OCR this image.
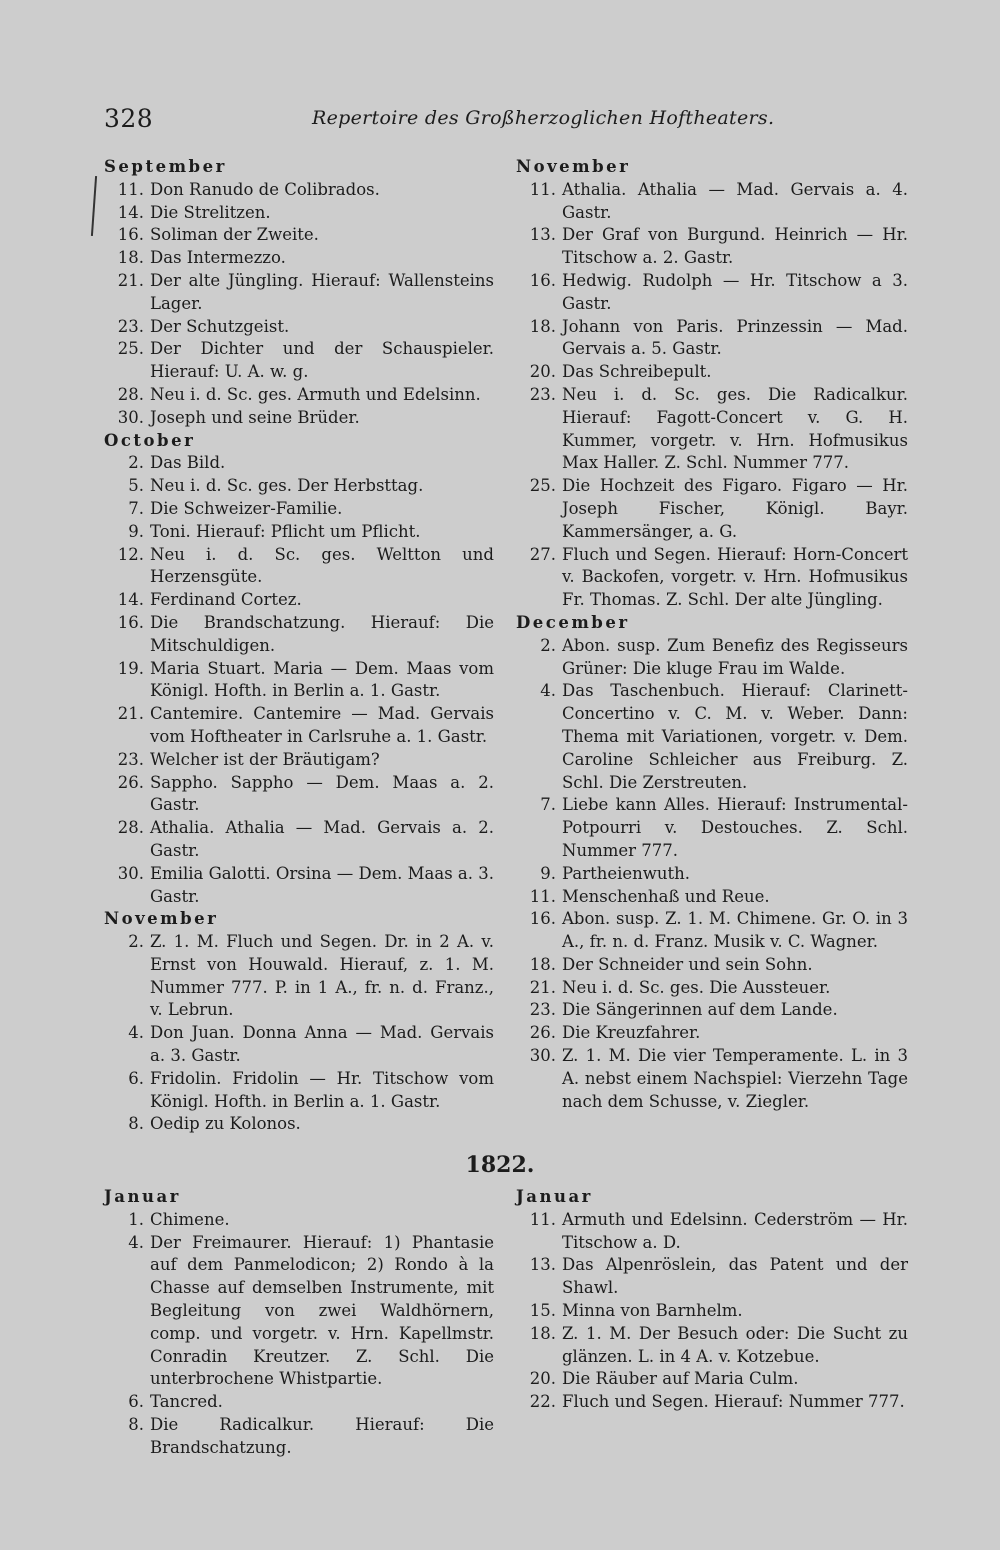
328	Repertoire des Großherzoglichen Hoftheaters.
September
11. Don Ranudo de Colibrados.
14. Die Strelitzen.
16. Soliman der Zweite.
18. Das Intermezzo.
21. Der alte Jüngling. Hierauf: Wallensteins Lager.
23. Der Schutzgeist.
25. Der Dichter und der Schauspieler. Hierauf: U. A. w. g.
28. Neu i. d. Sc. ges. Armuth und Edelsinn.
30. Joseph und seine Brüder.
October
2. Das Bild.
5. Neu i. d. Sc. ges. Der Herbsttag.
7. Die Schweizer-Familie.
9. Toni. Hierauf: Pflicht um Pflicht.
12. Neu i. d. Sc. ges. Weltton und Herzensgüte.
14. Ferdinand Cortez.
16. Die Brandschatzung. Hierauf: Die Mitschuldigen.
19. Maria Stuart. Maria — Dem. Maas vom Königl. Hofth. in Berlin a. 1. Gastr.
21. Cantemire. Cantemire — Mad. Gervais vom Hoftheater in Carlsruhe a. 1. Gastr.
23. Welcher ist der Bräutigam?
26. Sappho. Sappho — Dem. Maas a. 2. Gastr.
28. Athalia. Athalia — Mad. Gervais a. 2. Gastr.
30. Emilia Galotti. Orsina — Dem. Maas a. 3. Gastr.
November
2. Z. 1. M. Fluch und Segen. Dr. in 2 A. v. Ernst von Houwald. Hierauf, z. 1. M. Nummer 777. P. in 1 A., fr. n. d. Franz., v. Lebrun.
4. Don Juan. Donna Anna — Mad. Gervais a. 3. Gastr.
6. Fridolin. Fridolin — Hr. Titschow vom Königl. Hofth. in Berlin a. 1. Gastr.
8. Oedip zu Kolonos.
November
11. Athalia. Athalia — Mad. Gervais a. 4. Gastr.
13. Der Graf von Burgund. Heinrich — Hr. Titschow a. 2. Gastr.
16. Hedwig. Rudolph — Hr. Titschow a 3. Gastr.
18. Johann von Paris. Prinzessin — Mad. Gervais a. 5. Gastr.
20. Das Schreibepult.
23. Neu i. d. Sc. ges. Die Radicalkur. Hierauf: Fagott-Concert v. G. H. Kummer, vorgetr. v. Hrn. Hofmusikus Max Haller. Z. Schl. Nummer 777.
25. Die Hochzeit des Figaro. Figaro — Hr. Joseph Fischer, Königl. Bayr. Kammersänger, a. G.
27. Fluch und Segen. Hierauf: Horn-Concert v. Backofen, vorgetr. v. Hrn. Hofmusikus Fr. Thomas. Z. Schl. Der alte Jüngling.
December
2. Abon. susp. Zum Benefiz des Regisseurs Grüner: Die kluge Frau im Walde.
4. Das Taschenbuch. Hierauf: Clarinett-Concertino v. C. M. v. Weber. Dann: Thema mit Variationen, vorgetr. v. Dem. Caroline Schleicher aus Freiburg. Z. Schl. Die Zerstreuten.
7. Liebe kann Alles. Hierauf: Instrumental-Potpourri v. Destouches. Z. Schl. Nummer 777.
9. Partheienwuth.
11. Menschenhaß und Reue.
16. Abon. susp. Z. 1. M. Chimene. Gr. O. in 3 A., fr. n. d. Franz. Musik v. C. Wagner.
18. Der Schneider und sein Sohn.
21. Neu i. d. Sc. ges. Die Aussteuer.
23. Die Sängerinnen auf dem Lande.
26. Die Kreuzfahrer.
30. Z. 1. M. Die vier Temperamente. L. in 3 A. nebst einem Nachspiel: Vierzehn Tage nach dem Schusse, v. Ziegler.
1822.
Januar
1. Chimene.
4. Der Freimaurer. Hierauf: 1) Phantasie auf dem Panmelodicon; 2) Rondo à la Chasse auf demselben Instrumente, mit Begleitung von zwei Waldhörnern, comp. und vorgetr. v. Hrn. Kapellmstr. Conradin Kreutzer. Z. Schl. Die unterbrochene Whistpartie.
6. Tancred.
8. Die Radicalkur. Hierauf: Die Brandschatzung.
Januar
11. Armuth und Edelsinn. Cederström — Hr. Titschow a. D.
13. Das Alpenröslein, das Patent und der Shawl.
15. Minna von Barnhelm.
18. Z. 1. M. Der Besuch oder: Die Sucht zu glänzen. L. in 4 A. v. Kotzebue.
20. Die Räuber auf Maria Culm.
22. Fluch und Segen. Hierauf: Nummer 777.
